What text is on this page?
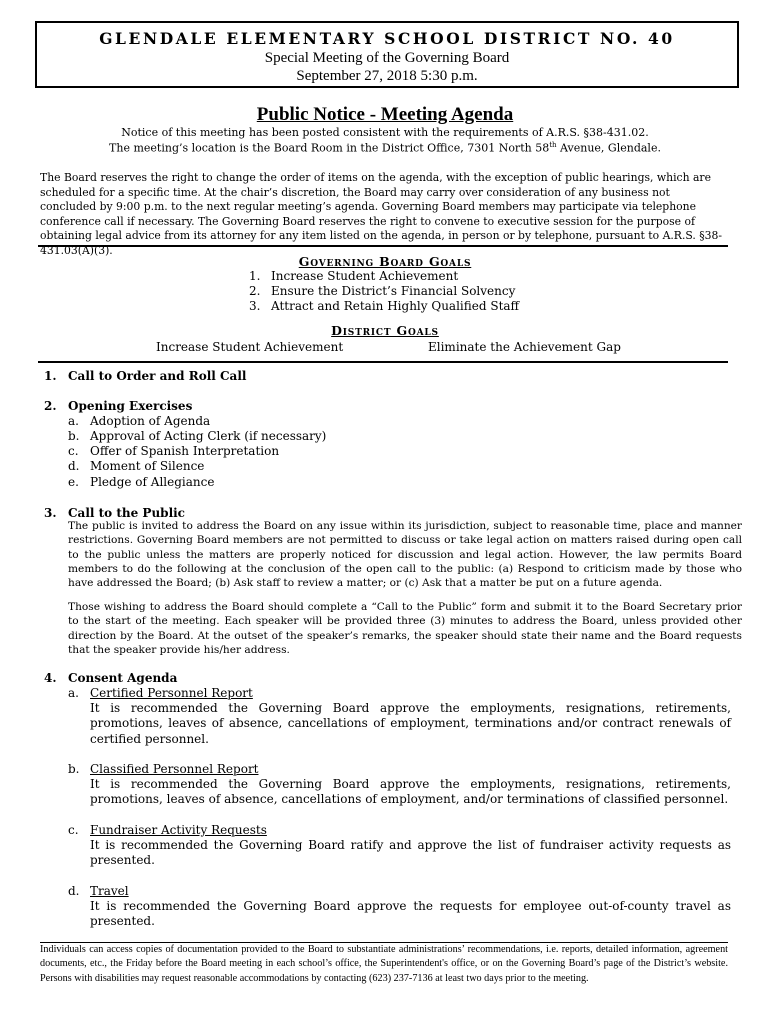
GLENDALE ELEMENTARY SCHOOL DISTRICT NO. 40
Special Meeting of the Governing Board
September 27, 2018 5:30 p.m.
Public Notice - Meeting Agenda
Notice of this meeting has been posted consistent with the requirements of A.R.S. §38-431.02.
The meeting’s location is the Board Room in the District Office, 7301 North 58th Avenue, Glendale.

The Board reserves the right to change the order of items on the agenda, with the exception of public hearings, which are scheduled for a specific time. At the chair’s discretion, the Board may carry over consideration of any business not concluded by 9:00 p.m. to the next regular meeting’s agenda. Governing Board members may participate via telephone conference call if necessary. The Governing Board reserves the right to convene to executive session for the purpose of obtaining legal advice from its attorney for any item listed on the agenda, in person or by telephone, pursuant to A.R.S. §38-431.03(A)(3).

Governing Board Goals
1. Increase Student Achievement
2. Ensure the District’s Financial Solvency
3. Attract and Retain Highly Qualified Staff
District Goals
Increase Student Achievement	Eliminate the Achievement Gap
1. Call to Order and Roll Call
2. Opening Exercises
a. Adoption of Agenda
b. Approval of Acting Clerk (if necessary)
c. Offer of Spanish Interpretation
d. Moment of Silence
e. Pledge of Allegiance
3. Call to the Public

The public is invited to address the Board on any issue within its jurisdiction, subject to reasonable time, place and manner restrictions. Governing Board members are not permitted to discuss or take legal action on matters raised during open call to the public unless the matters are properly noticed for discussion and legal action. However, the law permits Board members to do the following at the conclusion of the open call to the public: (a) Respond to criticism made by those who have addressed the Board; (b) Ask staff to review a matter; or (c) Ask that a matter be put on a future agenda.

Those wishing to address the Board should complete a “Call to the Public” form and submit it to the Board Secretary prior to the start of the meeting. Each speaker will be provided three (3) minutes to address the Board, unless provided other direction by the Board. At the outset of the speaker’s remarks, the speaker should state their name and the Board requests that the speaker provide his/her address.

4. Consent Agenda
a. Certified Personnel Report

It is recommended the Governing Board approve the employments, resignations, retirements, promotions, leaves of absence, cancellations of employment, terminations and/or contract renewals of certified personnel.

b. Classified Personnel Report

It is recommended the Governing Board approve the employments, resignations, retirements, promotions, leaves of absence, cancellations of employment, and/or terminations of classified personnel.

c. Fundraiser Activity Requests

It is recommended the Governing Board ratify and approve the list of fundraiser activity requests as presented.

d. Travel

It is recommended the Governing Board approve the requests for employee out-of-county travel as presented.

Individuals can access copies of documentation provided to the Board to substantiate administrations’ recommendations, i.e. reports, detailed information, agreement documents, etc., the Friday before the Board meeting in each school’s office, the Superintendent's office, or on the Governing Board’s page of the District’s website. Persons with disabilities may request reasonable accommodations by contacting (623) 237-7136 at least two days prior to the meeting.
